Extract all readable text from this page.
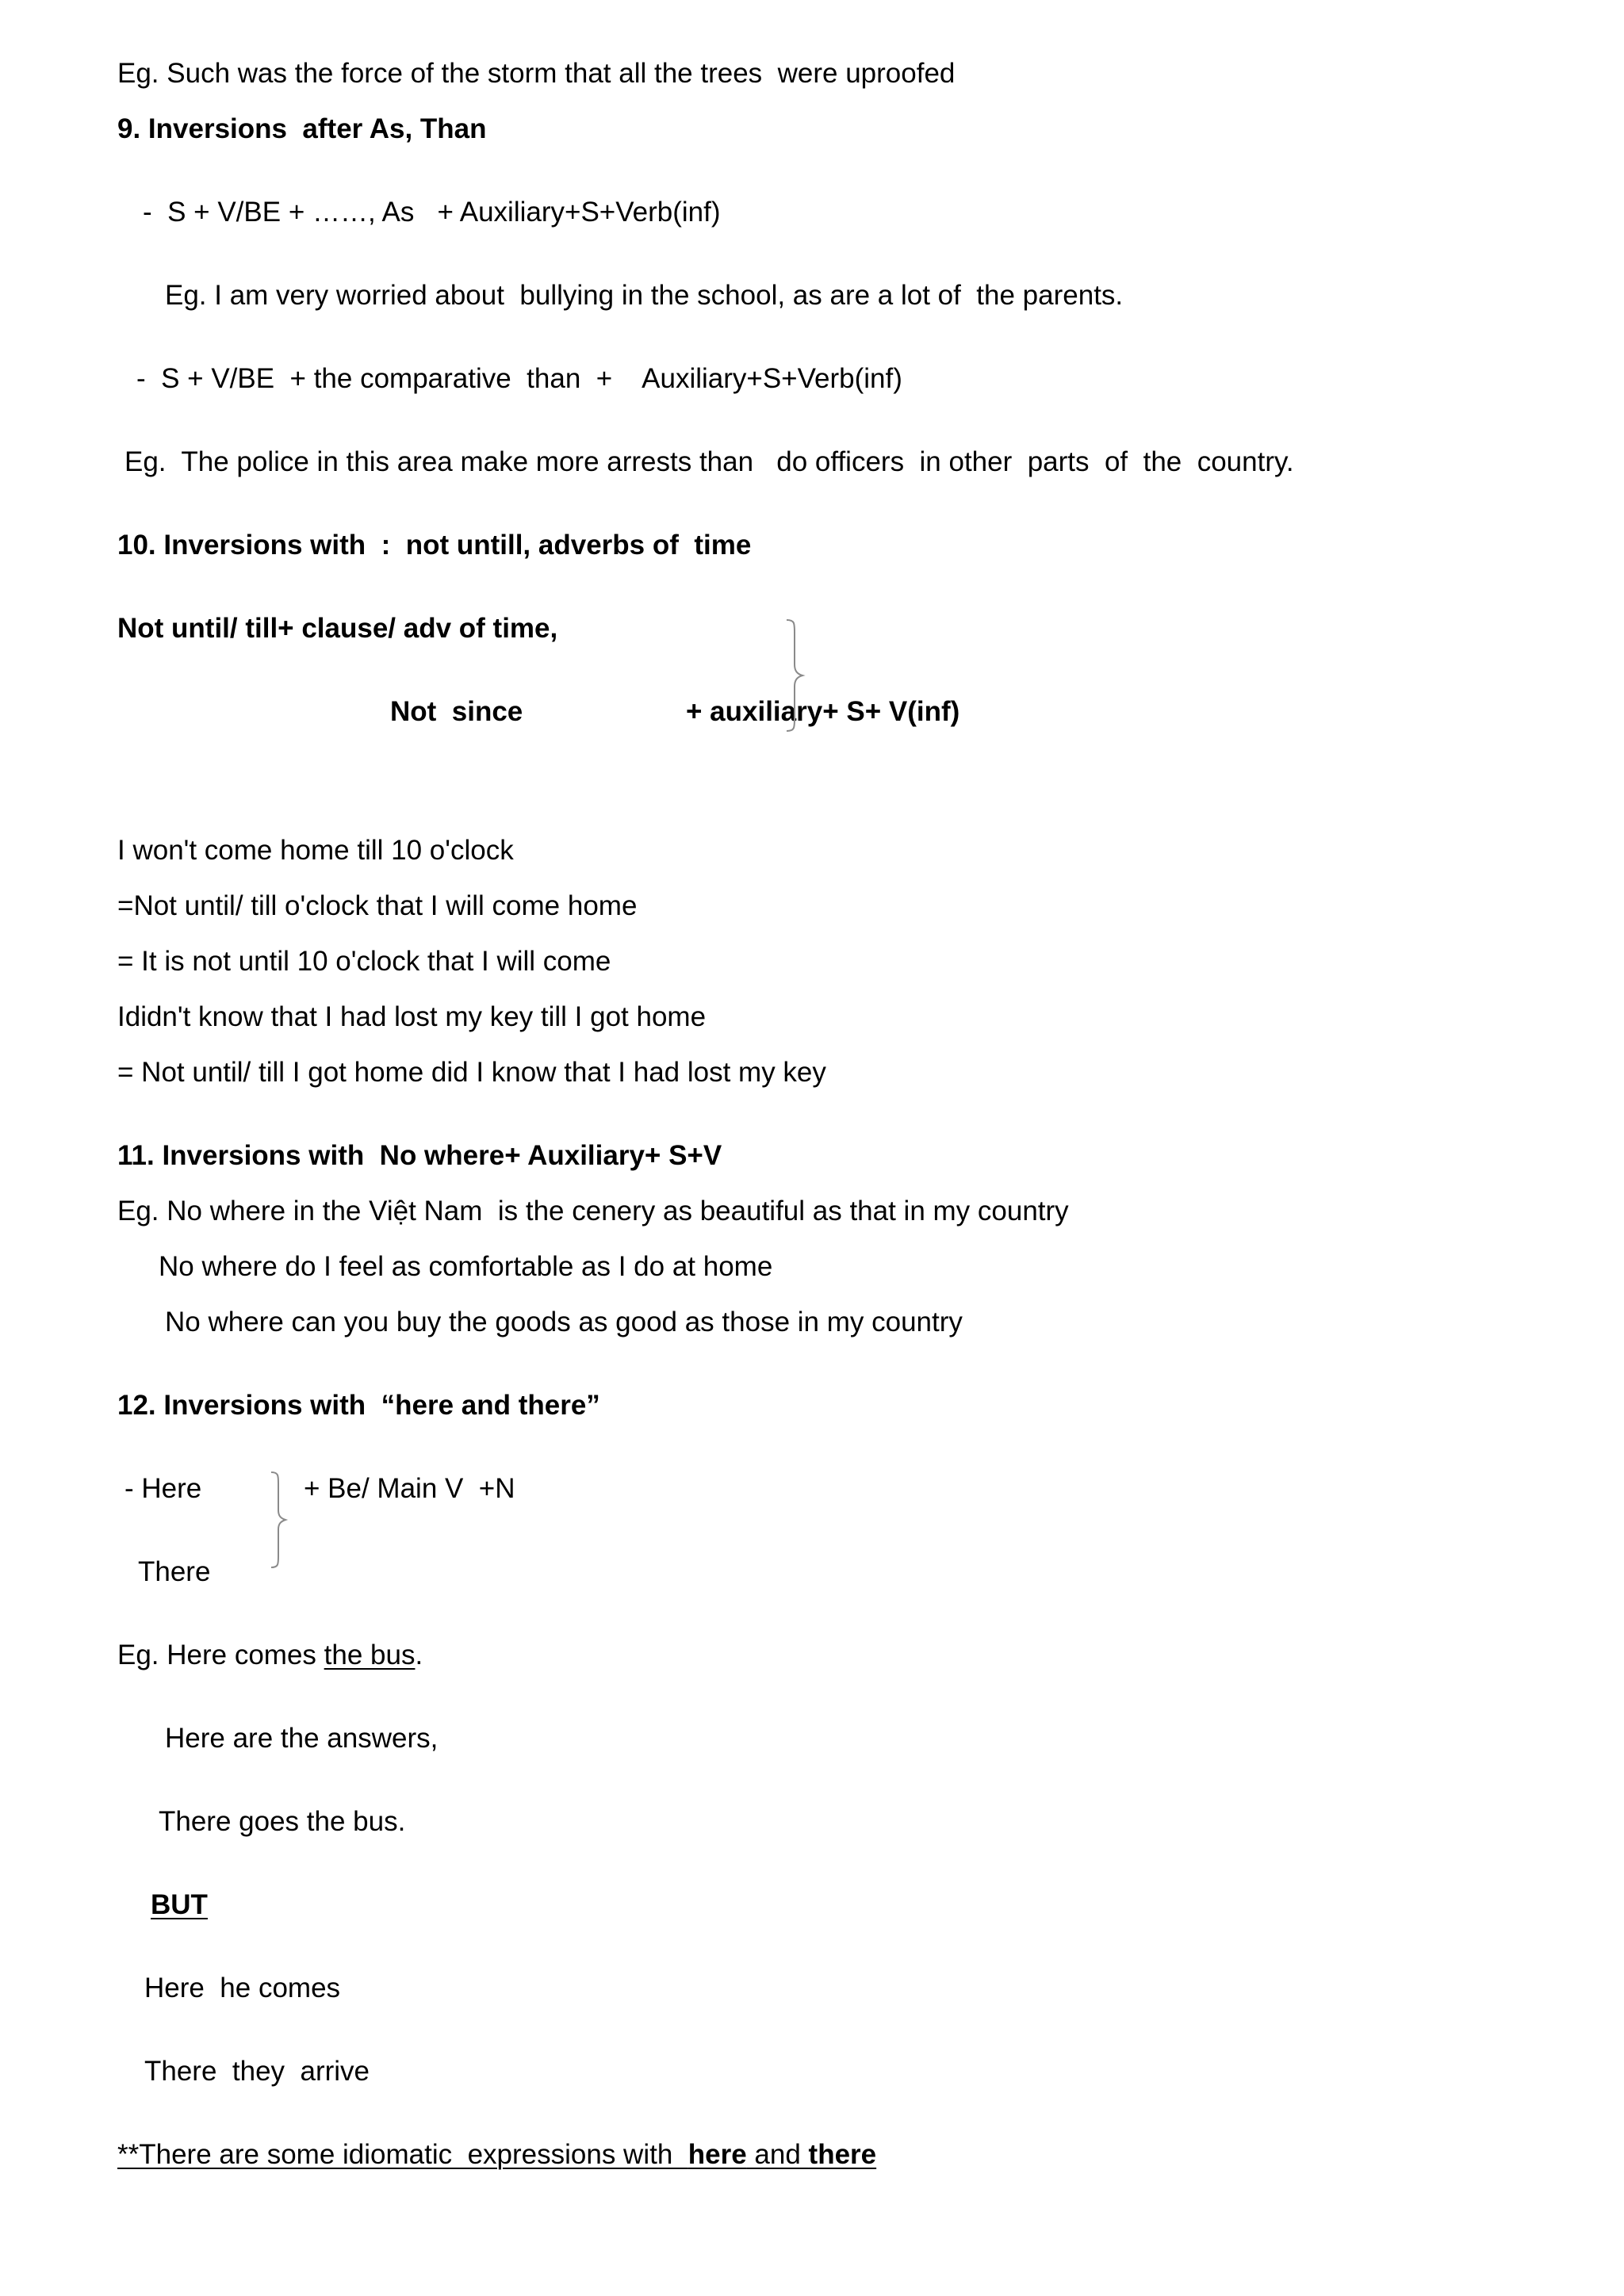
Eg. Such was the force of the storm that all the trees  were uproofed
9. Inversions  after As, Than
-  S + V/BE + ……, As   + Auxiliary+S+Verb(inf)
Eg. I am very worried about  bullying in the school, as are a lot of  the parents.
-  S + V/BE  + the comparative  than  +    Auxiliary+S+Verb(inf)
Eg.  The police in this area make more arrests than   do officers  in other  parts  of  the  country.
10. Inversions with  :  not untill, adverbs of  time
Not until/ till+ clause/ adv of time,
Not  since	+ auxiliary+ S+ V(inf)
I won't come home till 10 o'clock
=Not until/ till o'clock that I will come home
= It is not until 10 o'clock that I will come
Ididn't know that I had lost my key till I got home
= Not until/ till I got home did I know that I had lost my key
11. Inversions with  No where+ Auxiliary+ S+V
Eg. No where in the Việt Nam  is the cenery as beautiful as that in my country
No where do I feel as comfortable as I do at home
No where can you buy the goods as good as those in my country
12. Inversions with  “here and there”
- Here
There
+ Be/ Main V  +N
Eg. Here comes the bus.
Here are the answers,
There goes the bus.
BUT
Here  he comes
There  they  arrive
**There are some idiomatic  expressions with  here and there
